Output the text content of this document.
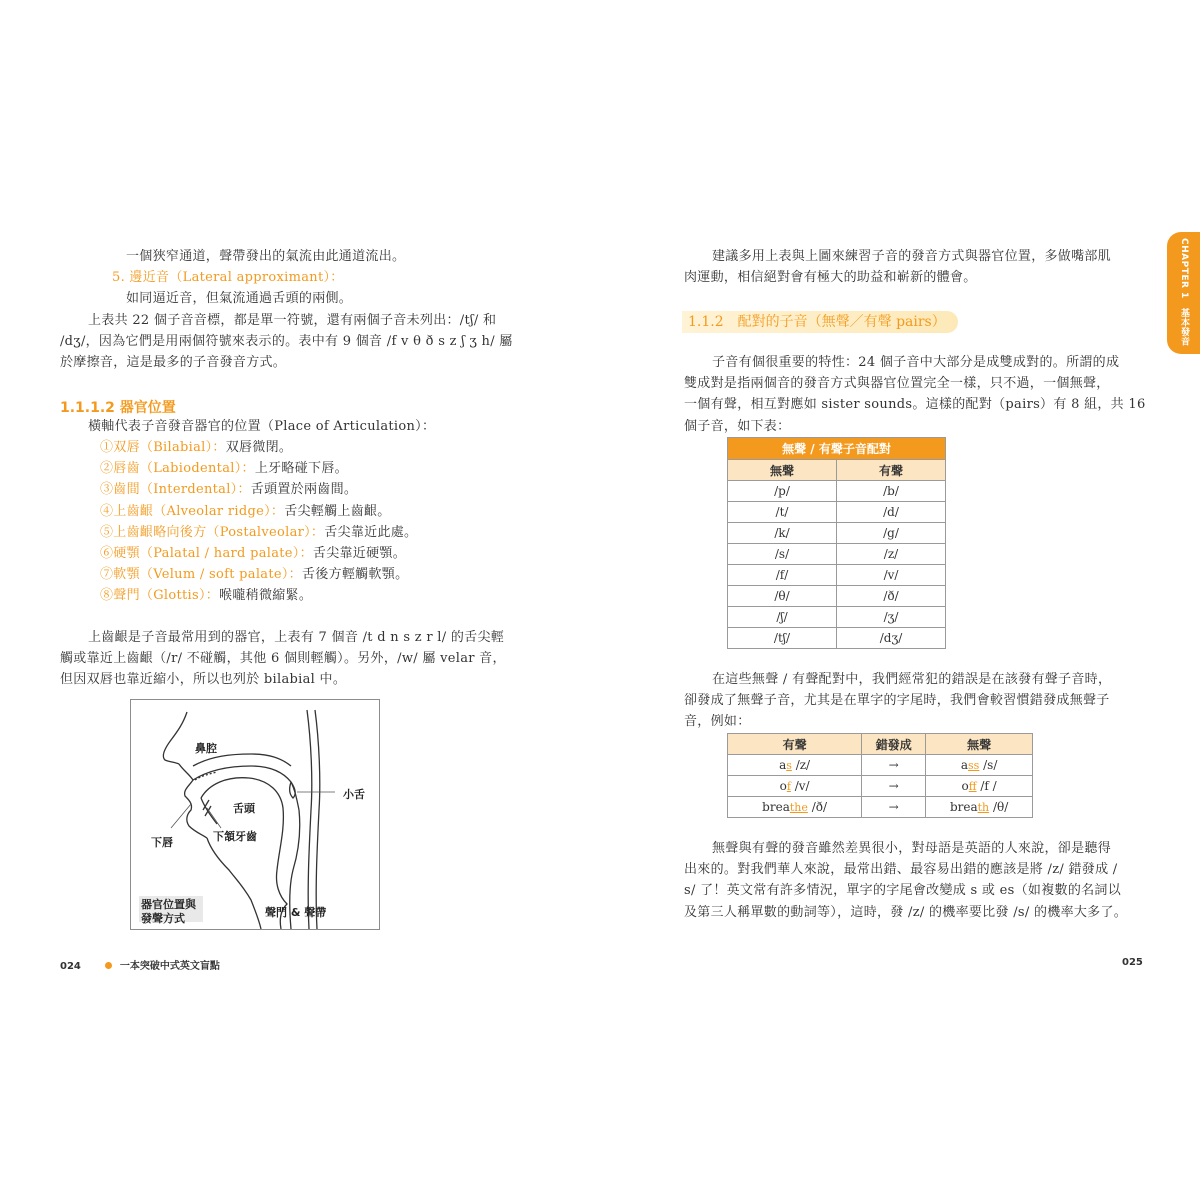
一個狹窄通道，聲帶發出的氣流由此通道流出。
5. 邊近音（Lateral approximant）：
如同逼近音，但氣流通過舌頭的兩側。
上表共 22 個子音音標，都是單一符號，還有兩個子音未列出：/tʃ/ 和
/dʒ/，因為它們是用兩個符號來表示的。表中有 9 個音 /f v θ ð s z ʃ ʒ h/ 屬
於摩擦音，這是最多的子音發音方式。
1.1.1.2 器官位置
橫軸代表子音發音器官的位置（Place of Articulation）：
①双唇（Bilabial）：双唇微閉。
②唇齒（Labiodental）：上牙略碰下唇。
③齒間（Interdental）：舌頭置於兩齒間。
④上齒齦（Alveolar ridge）：舌尖輕觸上齒齦。
⑤上齒齦略向後方（Postalveolar）：舌尖靠近此處。
⑥硬顎（Palatal / hard palate）：舌尖靠近硬顎。
⑦軟顎（Velum / soft palate）：舌後方輕觸軟顎。
⑧聲門（Glottis）：喉嚨稍微縮緊。
上齒齦是子音最常用到的器官，上表有 7 個音 /t d n s z r l/ 的舌尖輕
觸或靠近上齒齦（/r/ 不碰觸，其他 6 個則輕觸）。另外，/w/ 屬 velar 音，
但因双唇也靠近縮小，所以也列於 bilabial 中。
鼻腔
小舌
舌頭
下唇	下頷牙齒
器官位置與
發聲方式	聲門 & 聲帶
024	一本突破中式英文盲點
建議多用上表與上圖來練習子音的發音方式與器官位置，多做嘴部肌
肉運動，相信絕對會有極大的助益和嶄新的體會。
1.1.2　配對的子音（無聲／有聲 pairs）
子音有個很重要的特性：24 個子音中大部分是成雙成對的。所謂的成
雙成對是指兩個音的發音方式與器官位置完全一樣，只不過，一個無聲，
一個有聲，相互對應如 sister sounds。這樣的配對（pairs）有 8 組，共 16
個子音，如下表：
無聲 / 有聲子音配對	
無聲	有聲
/p/	/b/
/t/	/d/
/k/	/g/
/s/	/z/
/f/	/v/
/θ/	/ð/
/ʃ/	/ʒ/
/tʃ/	/dʒ/
在這些無聲 / 有聲配對中，我們經常犯的錯誤是在該發有聲子音時，
卻發成了無聲子音，尤其是在單字的字尾時，我們會較習慣錯發成無聲子
音，例如：
有聲	錯發成	無聲
as /z/	→	ass /s/
of /v/	→	off /f /
breathe /ð/	→	breath /θ/
無聲與有聲的發音雖然差異很小，對母語是英語的人來說，卻是聽得
出來的。對我們華人來說，最常出錯、最容易出錯的應該是將 /z/ 錯發成 /
s/ 了！英文常有許多情況，單字的字尾會改變成 s 或 es（如複數的名詞以
及第三人稱單數的動詞等），這時，發 /z/ 的機率要比發 /s/ 的機率大多了。
025
CHAPTER 1　基本發音
